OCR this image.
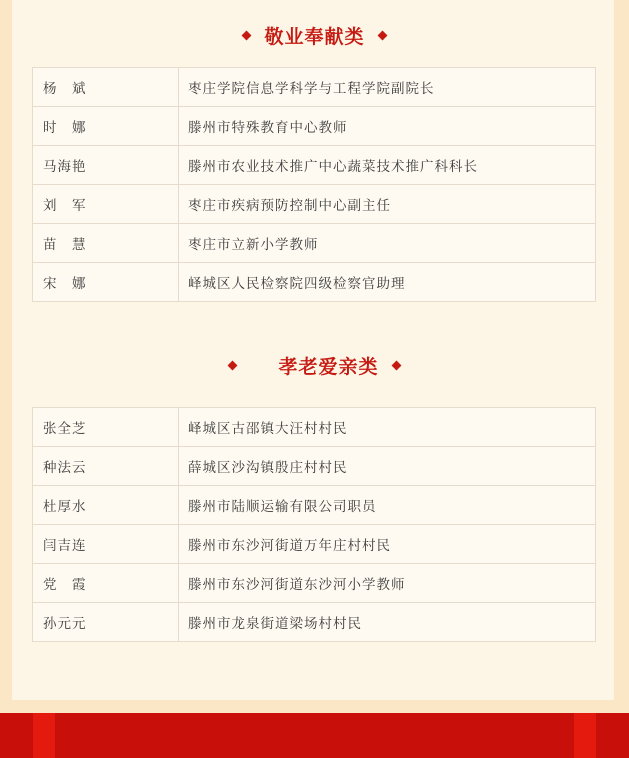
敬业奉献类
杨　斌	枣庄学院信息学科学与工程学院副院长
时　娜	滕州市特殊教育中心教师
马海艳	滕州市农业技术推广中心蔬菜技术推广科科长
刘　军	枣庄市疾病预防控制中心副主任
苗　慧	枣庄市立新小学教师
宋　娜	峄城区人民检察院四级检察官助理
孝老爱亲类
张全芝	峄城区古邵镇大汪村村民
种法云	薛城区沙沟镇殷庄村村民
杜厚水	滕州市陆顺运输有限公司职员
闫吉连	滕州市东沙河街道万年庄村村民
党　霞	滕州市东沙河街道东沙河小学教师
孙元元	滕州市龙泉街道梁场村村民
